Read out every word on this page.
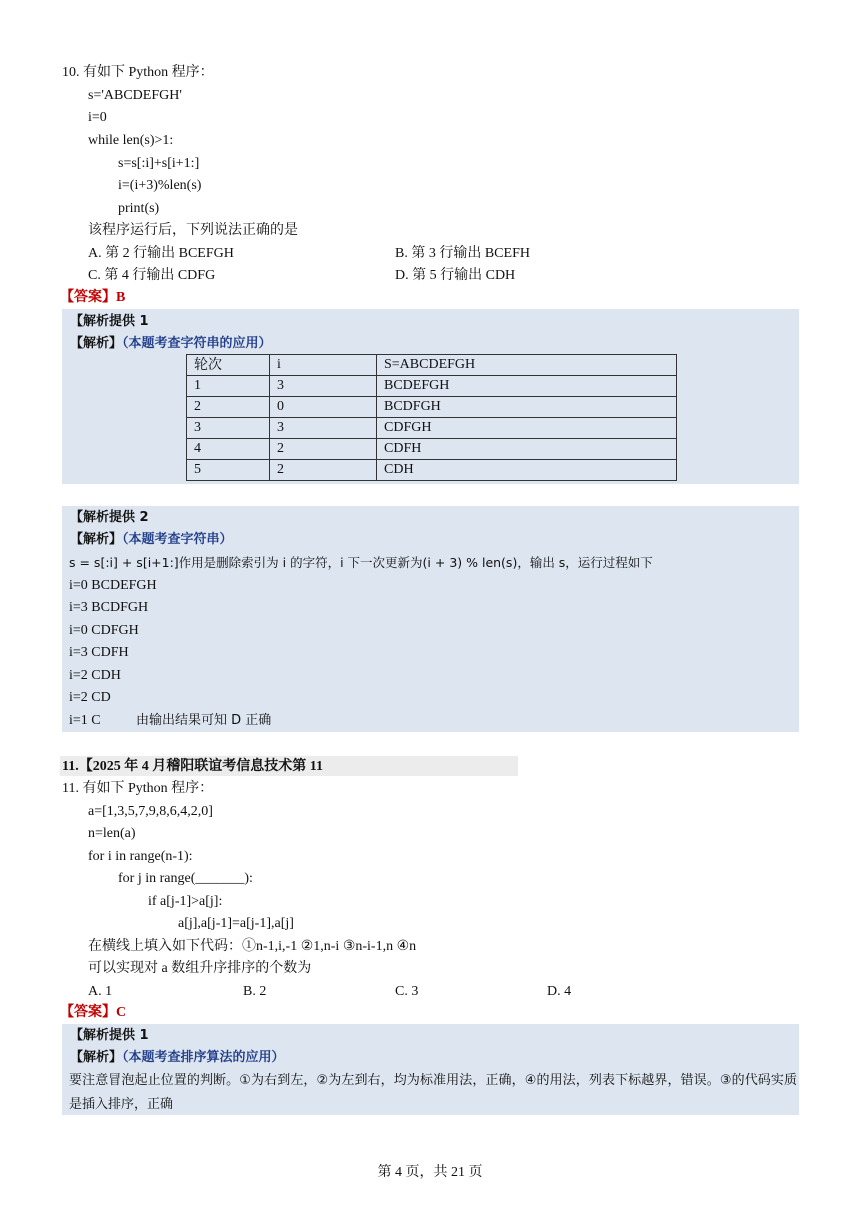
10. 有如下 Python 程序：
s='ABCDEFGH'
i=0
while len(s)>1:
s=s[:i]+s[i+1:]
i=(i+3)%len(s)
print(s)
该程序运行后，下列说法正确的是
A. 第 2 行输出 BCEFGH	B. 第 3 行输出 BCEFH
C. 第 4 行输出 CDFG	D. 第 5 行输出 CDH
【答案】B
【解析提供 1
【解析】（本题考查字符串的应用）
轮次	i	S=ABCDEFGH
1	3	BCDEFGH
2	0	BCDFGH
3	3	CDFGH
4	2	CDFH
5	2	CDH
【解析提供 2
【解析】（本题考查字符串）
s = s[:i] + s[i+1:]作用是删除索引为 i 的字符，i 下一次更新为(i + 3) % len(s)，输出 s，运行过程如下
i=0 BCDEFGH
i=3 BCDFGH
i=0 CDFGH
i=3 CDFH
i=2 CDH
i=2 CD
i=1 C	由输出结果可知 D 正确
11.【2025 年 4 月稽阳联谊考信息技术第 11
11. 有如下 Python 程序：
a=[1,3,5,7,9,8,6,4,2,0]
n=len(a)
for i in range(n-1):
for j in range(_______):
if a[j-1]>a[j]:
a[j],a[j-1]=a[j-1],a[j]
在横线上填入如下代码：①n-1,i,-1 ②1,n-i ③n-i-1,n ④n
可以实现对 a 数组升序排序的个数为
A. 1	B. 2	C. 3	D. 4
【答案】C
【解析提供 1
【解析】（本题考查排序算法的应用）
要注意冒泡起止位置的判断。①为右到左，②为左到右，均为标准用法，正确，④的用法，列表下标越界，错误。③的代码实质是插入排序，正确
第 4 页，共 21 页
